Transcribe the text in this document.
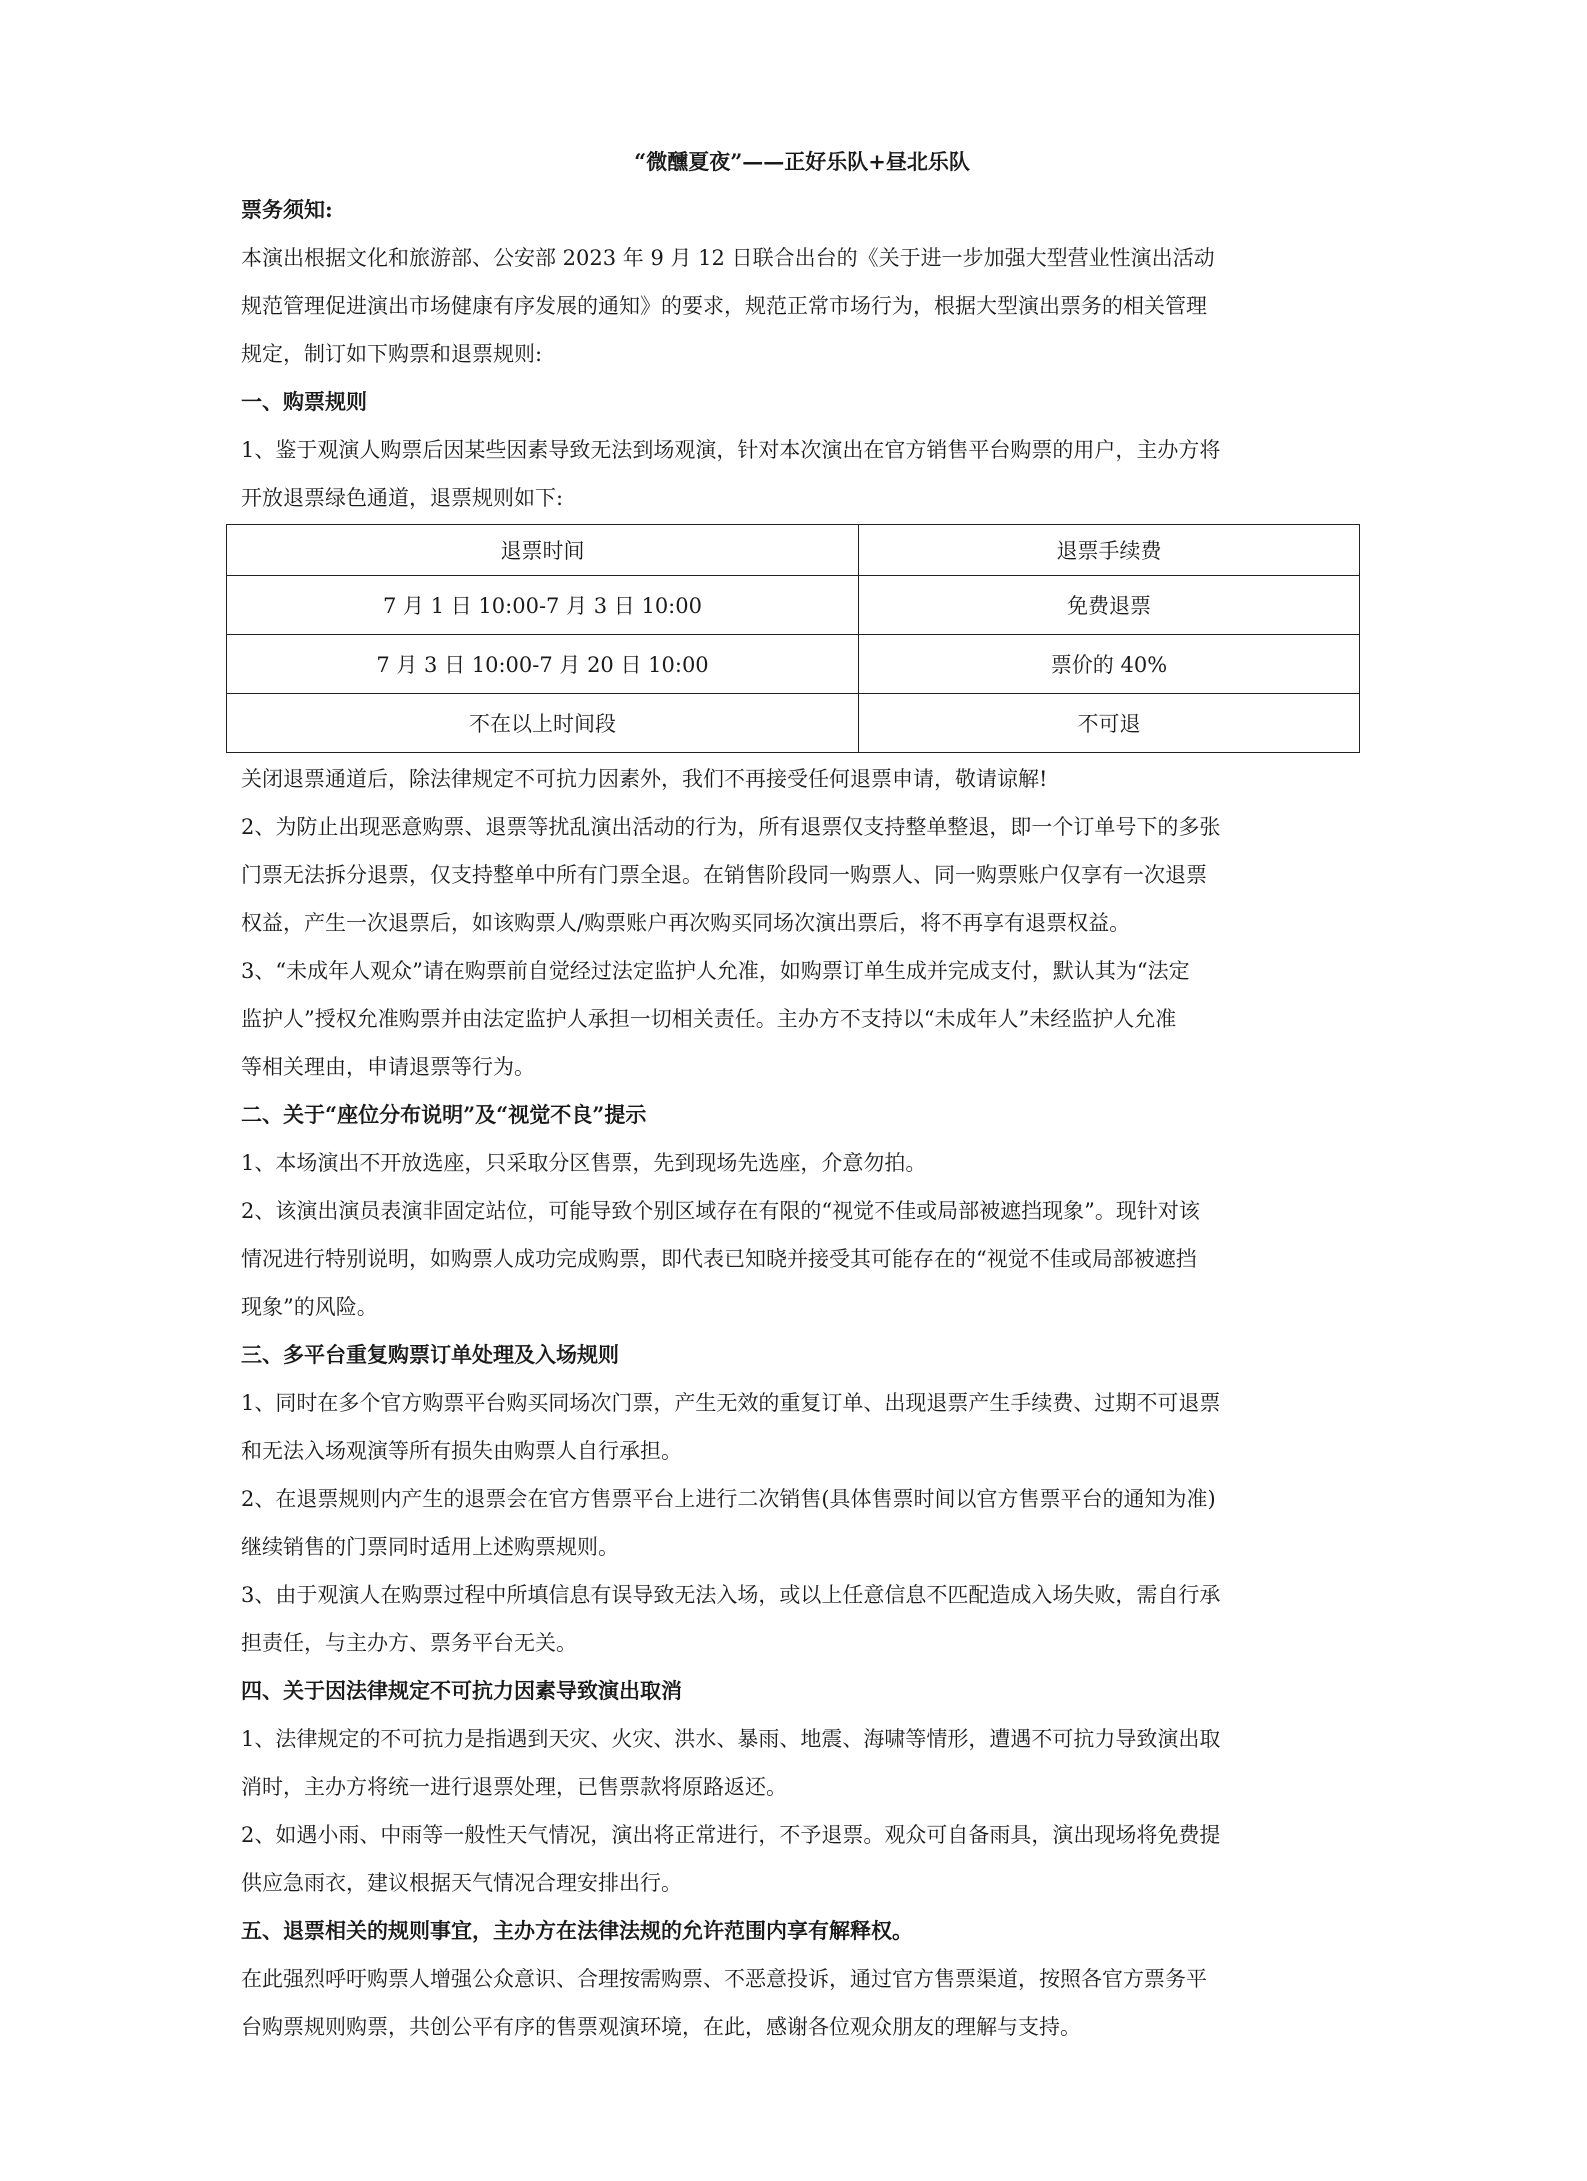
“微醺夏夜”——正好乐队+昼北乐队
票务须知:
本演出根据文化和旅游部、公安部 2023 年 9 月 12 日联合出台的《关于进一步加强大型营业性演出活动
规范管理促进演出市场健康有序发展的通知》的要求，规范正常市场行为，根据大型演出票务的相关管理
规定，制订如下购票和退票规则:
一、购票规则
1、鉴于观演人购票后因某些因素导致无法到场观演，针对本次演出在官方销售平台购票的用户，主办方将
开放退票绿色通道，退票规则如下:
退票时间	退票手续费
7 月 1 日 10:00-7 月 3 日 10:00	免费退票
7 月 3 日 10:00-7 月 20 日 10:00	票价的 40%
不在以上时间段	不可退
关闭退票通道后，除法律规定不可抗力因素外，我们不再接受任何退票申请，敬请谅解!
2、为防止出现恶意购票、退票等扰乱演出活动的行为，所有退票仅支持整单整退，即一个订单号下的多张
门票无法拆分退票，仅支持整单中所有门票全退。在销售阶段同一购票人、同一购票账户仅享有一次退票
权益，产生一次退票后，如该购票人/购票账户再次购买同场次演出票后，将不再享有退票权益。
3、“未成年人观众”请在购票前自觉经过法定监护人允准，如购票订单生成并完成支付，默认其为“法定
监护人”授权允准购票并由法定监护人承担一切相关责任。主办方不支持以“未成年人”未经监护人允准
等相关理由，申请退票等行为。
二、关于“座位分布说明”及“视觉不良”提示
1、本场演出不开放选座，只采取分区售票，先到现场先选座，介意勿拍。
2、该演出演员表演非固定站位，可能导致个别区域存在有限的“视觉不佳或局部被遮挡现象”。现针对该
情况进行特别说明，如购票人成功完成购票，即代表已知晓并接受其可能存在的“视觉不佳或局部被遮挡
现象”的风险。
三、多平台重复购票订单处理及入场规则
1、同时在多个官方购票平台购买同场次门票，产生无效的重复订单、出现退票产生手续费、过期不可退票
和无法入场观演等所有损失由购票人自行承担。
2、在退票规则内产生的退票会在官方售票平台上进行二次销售(具体售票时间以官方售票平台的通知为准)
继续销售的门票同时适用上述购票规则。
3、由于观演人在购票过程中所填信息有误导致无法入场，或以上任意信息不匹配造成入场失败，需自行承
担责任，与主办方、票务平台无关。
四、关于因法律规定不可抗力因素导致演出取消
1、法律规定的不可抗力是指遇到天灾、火灾、洪水、暴雨、地震、海啸等情形，遭遇不可抗力导致演出取
消时，主办方将统一进行退票处理，已售票款将原路返还。
2、如遇小雨、中雨等一般性天气情况，演出将正常进行，不予退票。观众可自备雨具，演出现场将免费提
供应急雨衣，建议根据天气情况合理安排出行。
五、退票相关的规则事宜，主办方在法律法规的允许范围内享有解释权。
在此强烈呼吁购票人增强公众意识、合理按需购票、不恶意投诉，通过官方售票渠道，按照各官方票务平
台购票规则购票，共创公平有序的售票观演环境，在此，感谢各位观众朋友的理解与支持。
